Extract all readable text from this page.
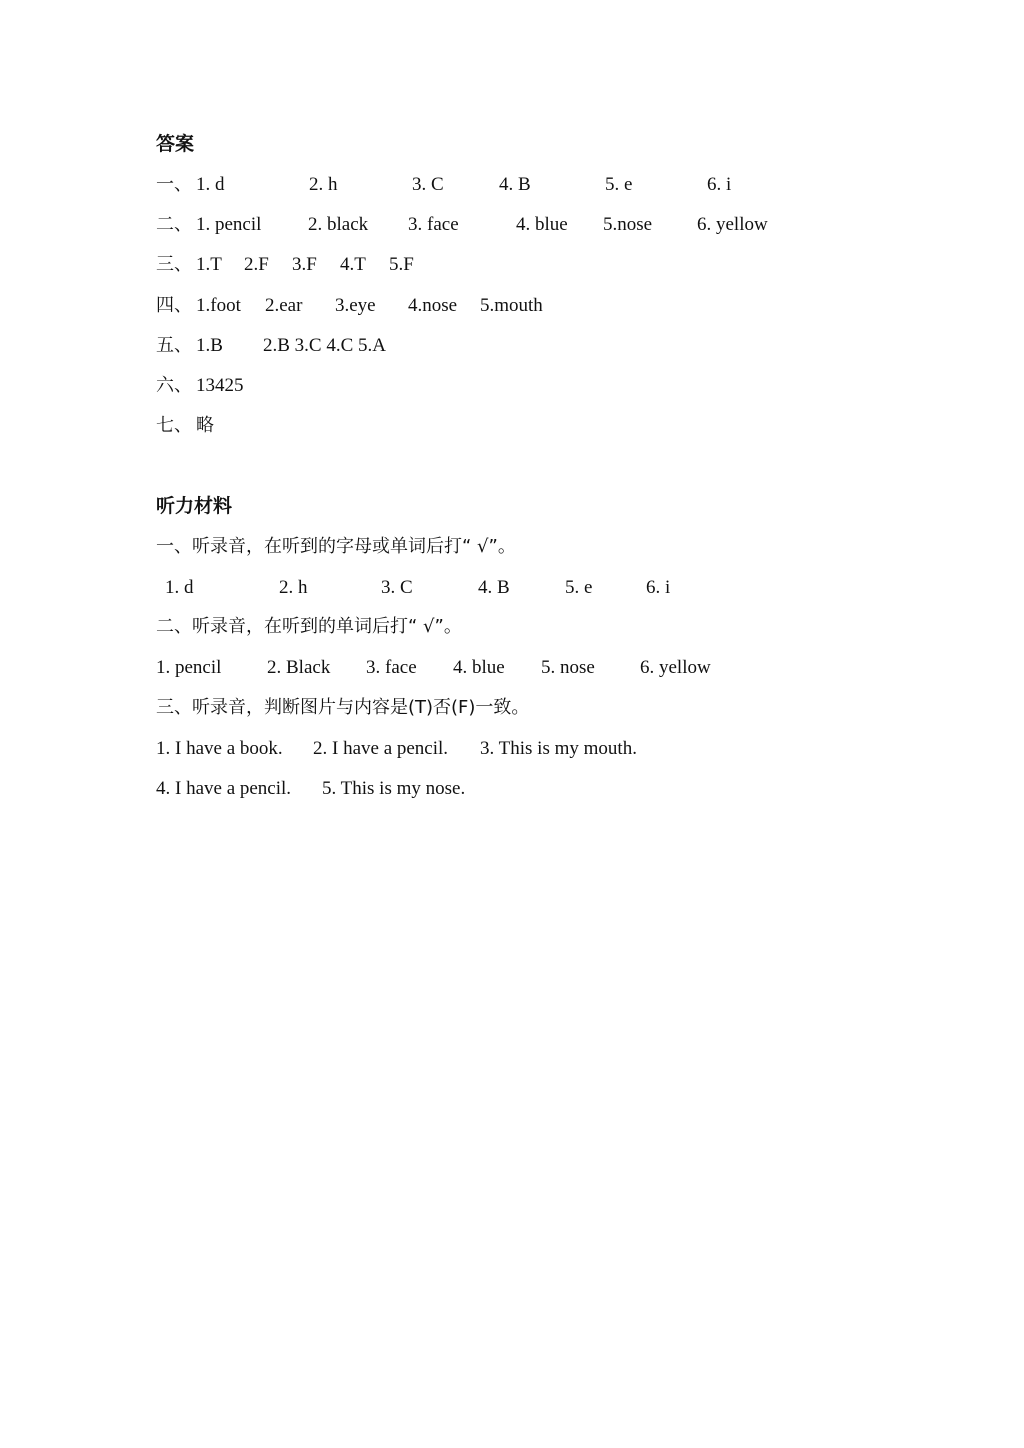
答案
一、 1. d	2. h	3. C	4. B	5. e	6. i
二、 1. pencil 2. black 3. face	4. blue 5.nose 6. yellow
三、 1.T 2.F 3.F 4.T 5.F
四、 1.foot 2.ear 3.eye 4.nose 5.mouth
五、 1.B 2.B 3.C 4.C 5.A
六、 13425
七、 略
听力材料
一、听录音，在听到的字母或单词后打“ √”。
1. d	2. h	3. C	4. B	5. e	6. i
二、听录音，在听到的单词后打“ √”。
1. pencil 2. Black 3. face 4. blue 5. nose 6. yellow
三、听录音，判断图片与内容是(T)否(F)一致。
1. I have a book. 2. I have a pencil. 3. This is my mouth.
4. I have a pencil. 5. This is my nose.
